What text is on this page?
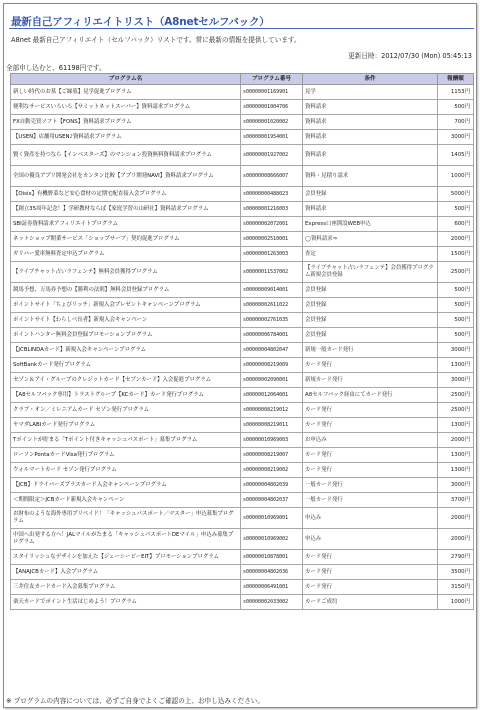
最新自己アフィリエイトリスト（A8netセルフバック）
A8net 最新自己アフィリエイト（セルフバック）リストです。常に最新の情報を提供しています。
更新日時：2012/07/30 (Mon) 05:45:13
全部申し込むと、61198円です。
プログラム名	プログラム番号	条件	報酬額
新しい時代のお墓【ご縁墓】見学促進プログラム	s00000001169901	見学	1153円
便利なサービスいろいろ【サミットネットスーパー】資料請求プログラム	s00000001004706	資料請求	500円
FX自動売買ソフト【FONS】資料請求プログラム	s00000001020002	資料請求	700円
【USEN】店舗用USEN♪資料請求プログラム	s00000001954001	資料請求	3000円
賢く資産を持つなら【インベスターズ】のマンション投資無料資料請求プログラム	s00000001927002	資料請求	1405円
全国の優良アプリ開発会社をカンタン比較【アプリ開発NAVI】資料請求プログラム	s00000008666007	資料・見積り請求	1000円
【Oisix】有機野菜など安心食材の定期宅配直接入会プログラム	s00000000488023	会員登録	5000円
【創立35周年記念！】学研教材ならば【家庭学習の山研社】資料請求プログラム	s00000001216003	資料請求	500円
SBI証券資料請求アフィリエイトプログラム	s00000002072001	Express口座開設WEB申込	600円
ネットショップ開業サービス「ショップサーブ」契約促進プログラム	s00000002510001	◯資料請求⇒	2000円
ガリバー愛車無料査定申込プログラム	s00000001263003	査定	1500円
【ライブチャット占いラフェンテ】無料会員獲得プログラム	s00000011537002	【ライブチャット占いラフェンテ】会員獲得プログラム新規会員登録	2500円
競馬予想、万馬券予想の【勝利の法則】無料会員登録プログラム	s00000009014001	会員登録	500円
ポイントサイト「ちょびリッチ」新規入会プレゼントキャンペーンプログラム	s00000002611022	会員登録	500円
ポイントサイト【わらしべ長者】新規入会キャンペーン	s00000002761035	会員登録	500円
ポイントハンター無料会員登録プロモーションプログラム	s00000006784001	会員登録	500円
【JCBLINDAカード】新規入会キャンペーンプログラム	s00000004802047	新規一般カード発行	3000円
SoftBankカード発行プログラム	s00000008219009	カード発行	1300円
セゾン＆アイ・グループのクレジットカード【セブンカード】入会促進プログラム	s00000002090001	新規カード発行	3000円
【A8セルフバック専用】トラストグループ【KCカード】カード発行プログラム	s00000012064001	A8セルフバック経由にてカード発行	2500円
クラブ・オン／ミレニアムカード セゾン発行プログラム	s00000008219012	カード発行	2500円
ヤマダLABIカード発行プログラム	s00000008219011	カード発行	1300円
Tポイントが貯まる「Tポイント付きキャッシュパスポート」募集プログラム	s00000010969003	お申込み	2000円
ローソンPontaカードVisa発行プログラム	s00000008219007	カード発行	1300円
ウォルマートカード セゾン発行プログラム	s00000008219002	カード発行	1300円
【JCB】ドライバーズプラスカード入会キャンペーンプログラム	s00000004802039	一般カード発行	3000円
＜期間限定＞JCBカード新規入会キャンペーン	s00000004802037	一般カード発行	3700円
お財布のような海外専用プリペイド！「キャッシュパスポート／マスター」申込募集プログラム	s00000010969001	申込み	2000円
中国へ出発する方へ！JALマイルがたまる「キャッシュパスポートDEマイル」申込み募集プログラム	s00000010969002	申込み	2000円
スタイリッシュなデザインを加えた【ジェーシービーEIT】プロモーションプログラム	s00000010878001	カード発行	2790円
【ANAJCBカード】入会プログラム	s00000004802036	カード発行	3500円
三井住友カードカード入会募集プログラム	s00000006491001	カード発行	3150円
楽天カードでポイント生活はじめよう！プログラム	s00000002033002	カードご成約	1000円
※ プログラムの内容については、必ずご自身でよくご確認の上、お申し込みください。
